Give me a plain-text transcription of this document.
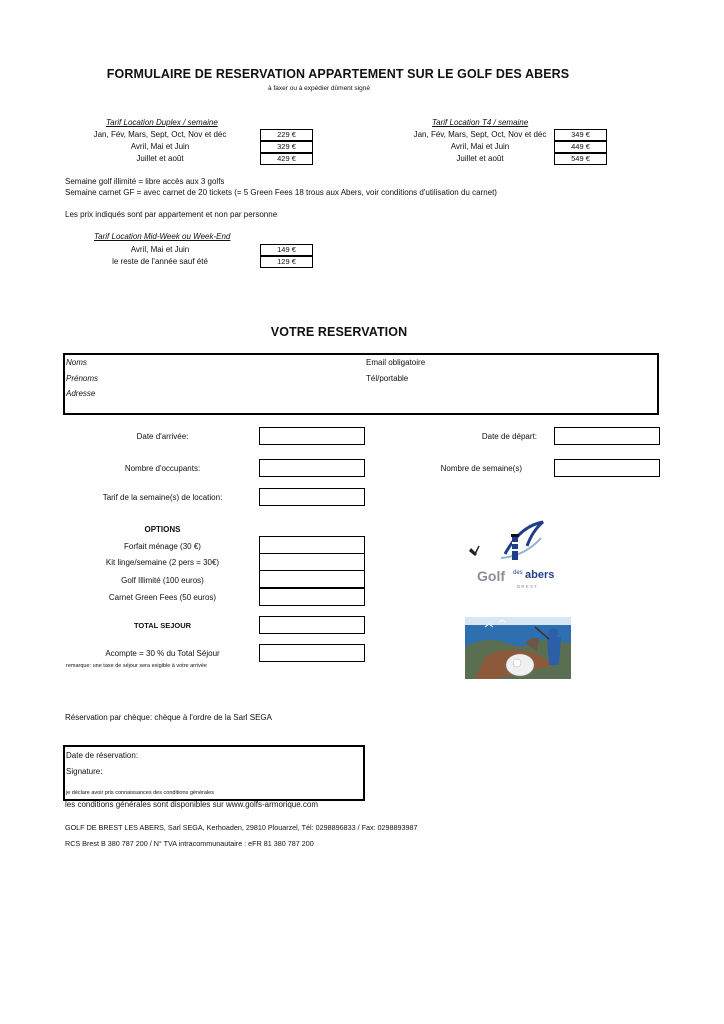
FORMULAIRE DE RESERVATION APPARTEMENT SUR LE GOLF DES ABERS
à faxer ou à expédier dûment signé
Tarif Location Duplex / semaine
Jan, Fév, Mars, Sept, Oct, Nov et déc
Avril, Mai et Juin
Juillet et août
229 €
329 €
429 €
Tarif Location T4 / semaine
Jan, Fév, Mars, Sept, Oct, Nov et déc
Avril, Mai et Juin
Juillet et août
349 €
449 €
549 €
Semaine golf illimité = libre accès aux 3 golfs
Semaine carnet GF = avec carnet de 20 tickets (= 5 Green Fees 18 trous aux Abers, voir conditions d'utilisation du carnet)
Les prix indiqués sont par appartement et non par personne
Tarif Location Mid-Week ou Week-End
Avril, Mai et Juin
le reste de l'année sauf été
149 €
129 €
VOTRE RESERVATION
Noms
Prénoms
Adresse
Email obligatoire
Tél/portable
Date d'arrivée:	Date de départ:
Nombre d'occupants:	Nombre de semaine(s)
Tarif de la semaine(s) de location:
OPTIONS
Forfait ménage (30 €)
Kit linge/semaine (2 pers = 30€)
Golf Illimité (100 euros)
Carnet Green Fees (50 euros)
TOTAL SEJOUR
Acompte = 30 % du Total Séjour
remarque: une taxe de séjour sera exigible à votre arrivée
Golf des abers
B R E S T
Réservation par chèque: chèque à l'ordre de la Sarl SEGA
Date de réservation:
Signature:
je déclare avoir pris connaissances des conditions générales
les conditions générales sont disponibles sur www.golfs-armorique.com
GOLF DE BREST LES ABERS, Sarl SEGA, Kerhoaden, 29810 Plouarzel, Tél: 0298896833 / Fax: 0298893987
RCS Brest B 380 787 200 / N° TVA intracommunautaire : eFR 81 380 787 200
